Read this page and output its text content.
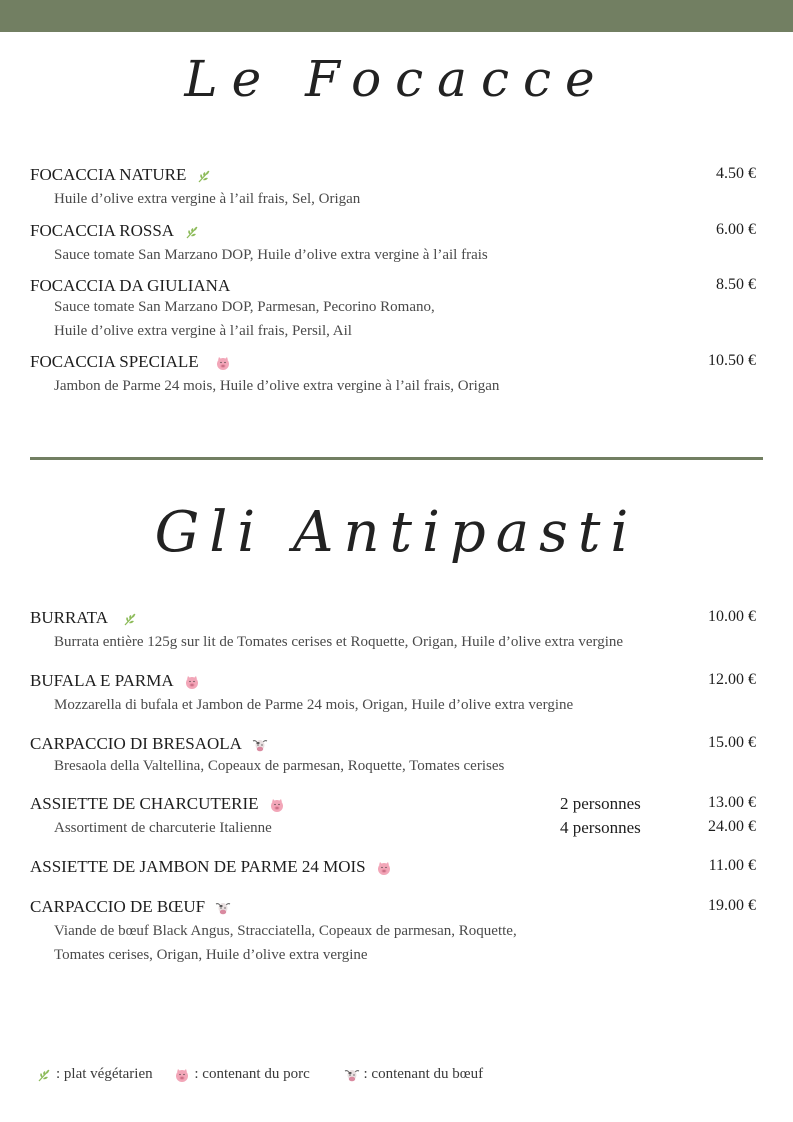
Le Focacce
FOCACCIA NATURE	4.50 €
Huile d’olive extra vergine à l’ail frais, Sel, Origan
FOCACCIA ROSSA	6.00 €
Sauce tomate San Marzano DOP, Huile d’olive extra vergine à l’ail frais
FOCACCIA DA GIULIANA	8.50 €
Sauce tomate San Marzano DOP, Parmesan, Pecorino Romano,
Huile d’olive extra vergine à l’ail frais, Persil, Ail
FOCACCIA SPECIALE	10.50 €
Jambon de Parme 24 mois, Huile d’olive extra vergine à l’ail frais, Origan
Gli Antipasti
BURRATA	10.00 €
Burrata entière 125g sur lit de Tomates cerises et Roquette, Origan, Huile d’olive extra vergine
BUFALA E PARMA	12.00 €
Mozzarella di bufala et Jambon de Parme 24 mois, Origan, Huile d’olive extra vergine
CARPACCIO DI BRESAOLA	15.00 €
Bresaola della Valtellina, Copeaux de parmesan, Roquette, Tomates cerises
ASSIETTE DE CHARCUTERIE	2 personnes	13.00 €
Assortiment de charcuterie Italienne	4 personnes	24.00 €
ASSIETTE DE JAMBON DE PARME 24 MOIS	11.00 €
CARPACCIO DE BŒUF	19.00 €
Viande de bœuf Black Angus, Stracciatella, Copeaux de parmesan, Roquette,
Tomates cerises, Origan, Huile d’olive extra vergine
: plat végétarien	: contenant du porc	: contenant du bœuf
